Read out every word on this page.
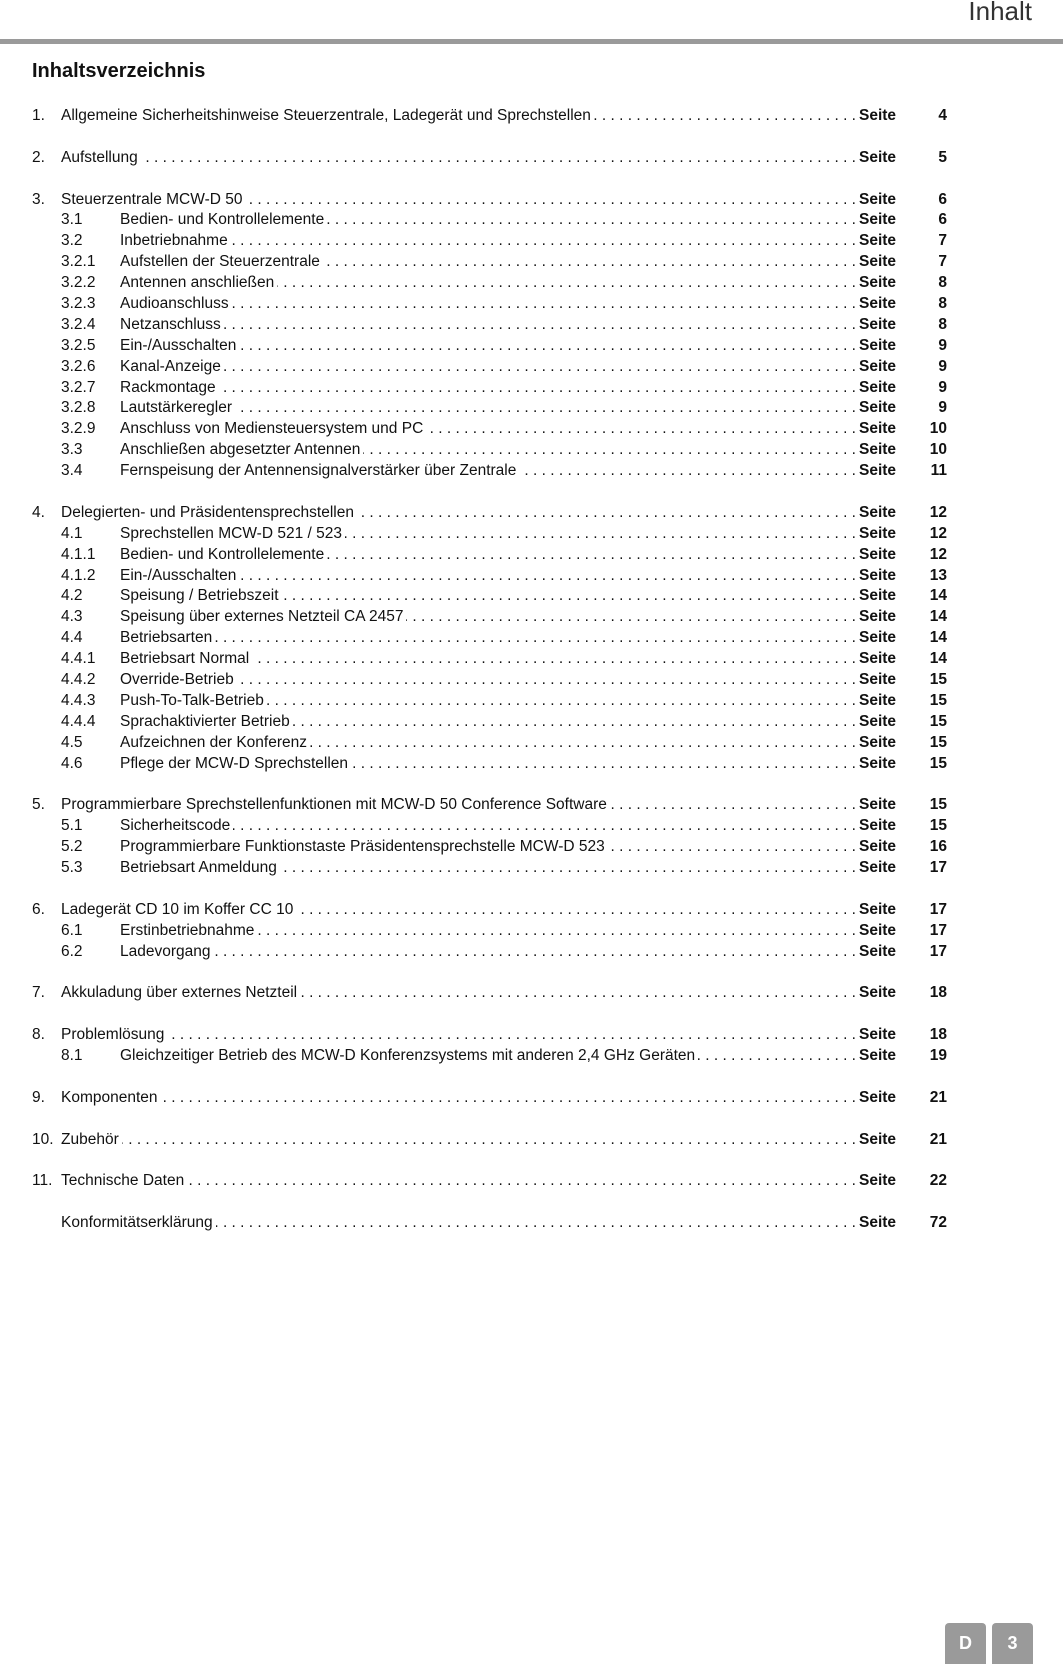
Inhalt
Inhaltsverzeichnis
1.	Allgemeine Sicherheitshinweise Steuerzentrale, Ladegerät und Sprechstellen . . .	Seite	4
2.	Aufstellung . . .	Seite	5
3.	Steuerzentrale MCW-D 50 . . .	Seite	6
3.1	Bedien- und Kontrollelemente . . .	Seite	6
3.2	Inbetriebnahme . . .	Seite	7
3.2.1	Aufstellen der Steuerzentrale . . .	Seite	7
3.2.2	Antennen anschließen . . .	Seite	8
3.2.3	Audioanschluss . . .	Seite	8
3.2.4	Netzanschluss . . .	Seite	8
3.2.5	Ein-/Ausschalten . . .	Seite	9
3.2.6	Kanal-Anzeige . . .	Seite	9
3.2.7	Rackmontage . . .	Seite	9
3.2.8	Lautstärkeregler . . .	Seite	9
3.2.9	Anschluss von Mediensteuersystem und PC . . .	Seite	10
3.3	Anschließen abgesetzter Antennen . . .	Seite	10
3.4	Fernspeisung der Antennensignalverstärker über Zentrale . . .	Seite	11
4.	Delegierten- und Präsidentensprechstellen . . .	Seite	12
4.1	Sprechstellen MCW-D 521 / 523 . . .	Seite	12
4.1.1	Bedien- und Kontrollelemente . . .	Seite	12
4.1.2	Ein-/Ausschalten . . .	Seite	13
4.2	Speisung / Betriebszeit . . .	Seite	14
4.3	Speisung über externes Netzteil CA 2457 . . .	Seite	14
4.4	Betriebsarten . . .	Seite	14
4.4.1	Betriebsart Normal . . .	Seite	14
4.4.2	Override-Betrieb . . .	Seite	15
4.4.3	Push-To-Talk-Betrieb . . .	Seite	15
4.4.4	Sprachaktivierter Betrieb . . .	Seite	15
4.5	Aufzeichnen der Konferenz . . .	Seite	15
4.6	Pflege der MCW-D Sprechstellen . . .	Seite	15
5.	Programmierbare Sprechstellenfunktionen mit MCW-D 50 Conference Software . . .	Seite	15
5.1	Sicherheitscode . . .	Seite	15
5.2	Programmierbare Funktionstaste Präsidentensprechstelle MCW-D 523 . . .	Seite	16
5.3	Betriebsart Anmeldung . . .	Seite	17
6.	Ladegerät CD 10 im Koffer CC 10 . . .	Seite	17
6.1	Erstinbetriebnahme . . .	Seite	17
6.2	Ladevorgang . . .	Seite	17
7.	Akkuladung über externes Netzteil . . .	Seite	18
8.	Problemlösung . . .	Seite	18
8.1	Gleichzeitiger Betrieb des MCW-D Konferenzsystems mit anderen 2,4 GHz Geräten . . .	Seite	19
9.	Komponenten . . .	Seite	21
10. Zubehör . . .	Seite	21
11. Technische Daten . . .	Seite	22
Konformitätserklärung . . .	Seite	72
D	3
